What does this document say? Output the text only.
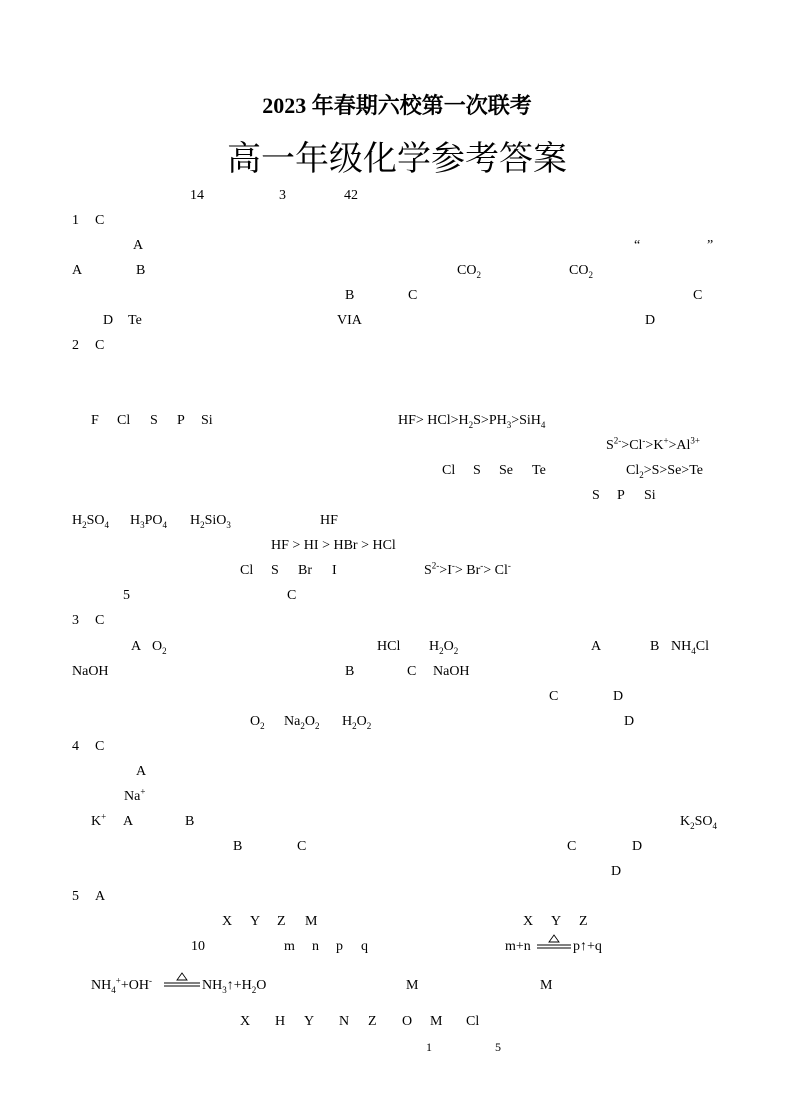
2023 年春期六校第一次联考
高一年级化学参考答案
14	3	42
1 C
A	“	”
A	B	$CO_2$	$CO_2$
B	C	C
D Te	VIA	D
2 C
F Cl S P Si	$HF> HCl>H_2S>PH_3>SiH_4$
$S^{2-}>Cl^->K^+>Al^{3+}$
Cl S Se Te	$Cl_2>S>Se>Te$
S P Si
$H_2SO_4$ $H_3PO_4$ $H_2SiO_3$	HF
HF > HI > HBr > HCl
Cl S Br I	$S^{2-}>I^-> Br^-> Cl^-$
5	C
3 C
A $O_2$	HCl $H_2O_2$	A	B $NH_4Cl$
NaOH	B	C NaOH
C	D
$O_2$ $Na_2O_2$ $H_2O_2$	D
4 C
A
Na+
K+ A	B	$K_2SO_4$
B	C	C	D
D
5 A
X Y Z M	X Y Z
10	m n p q	m+n	p↑+q
$NH_4^++OH^-$	$NH_3↑+H_2O$	M	M
X H Y N Z O M Cl
1	5
